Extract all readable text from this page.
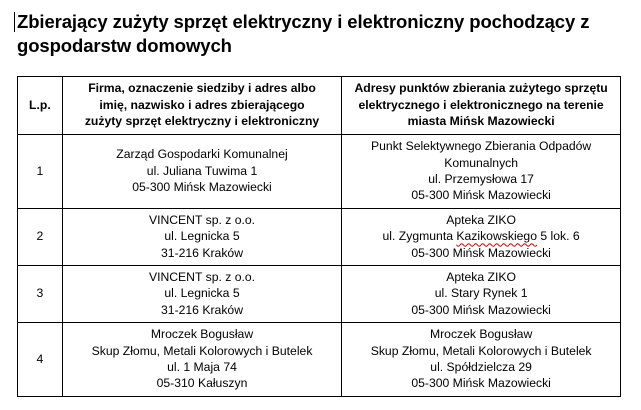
Zbierający zużyty sprzęt elektryczny i elektroniczny pochodzący z
gospodarstw domowych
L.p.	Firma, oznaczenie siedziby i adres albo
imię, nazwisko i adres zbierającego
zużyty sprzęt elektryczny i elektroniczny	Adresy punktów zbierania zużytego sprzętu
elektrycznego i elektronicznego na terenie
miasta Mińsk Mazowiecki

1	Zarząd Gospodarki Komunalnej
ul. Juliana Tuwima 1
05-300 Mińsk Mazowiecki	Punkt Selektywnego Zbierania Odpadów
Komunalnych
ul. Przemysłowa 17
05-300 Mińsk Mazowiecki

2	VINCENT sp. z o.o.
ul. Legnicka 5
31-216 Kraków	Apteka ZIKO
ul. Zygmunta Kazikowskiego 5 lok. 6
05-300 Mińsk Mazowiecki

3	VINCENT sp. z o.o.
ul. Legnicka 5
31-216 Kraków	Apteka ZIKO
ul. Stary Rynek 1
05-300 Mińsk Mazowiecki

4	Mroczek Bogusław
Skup Złomu, Metali Kolorowych i Butelek
ul. 1 Maja 74
05-310 Kałuszyn	Mroczek Bogusław
Skup Złomu, Metali Kolorowych i Butelek
ul. Spółdzielcza 29
05-300 Mińsk Mazowiecki
